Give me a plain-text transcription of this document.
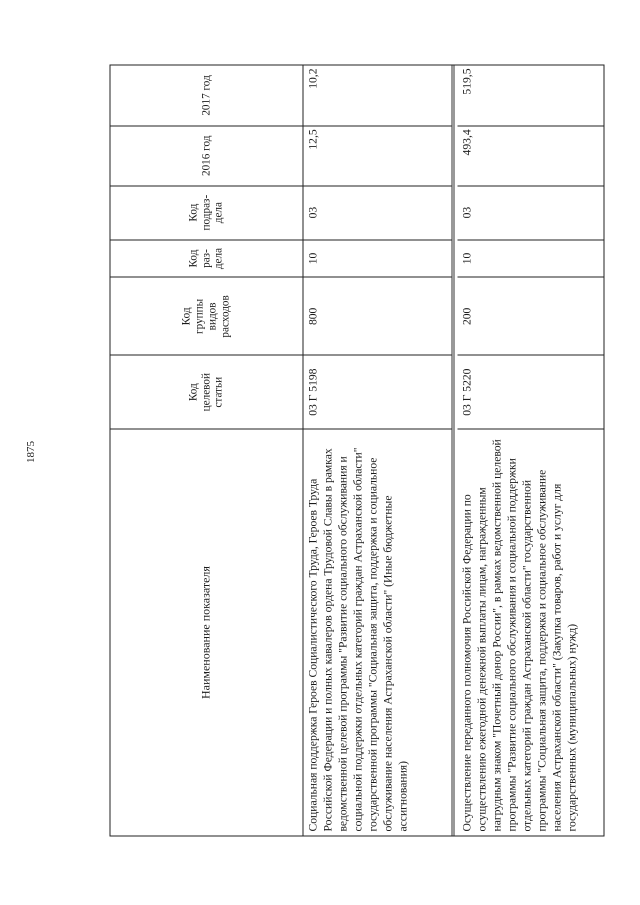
1875
Наименование показателя
Код целевой статьи
Код группы видов расходов
Код раз- дела
Код подраз- дела
2016 год
2017 год
Социальная поддержка Героев Социалистического Труда, Героев Труда Российской Федерации и полных кавалеров ордена Трудовой Славы в рамках ведомственной целевой программы "Развитие социального обслуживания и социальной поддержки отдельных категорий граждан Астраханской области" государственной программы "Социальная защита, поддержка и социальное обслуживание населения Астраханской области" (Иные бюджетные ассигнования)
03 Г 5198
800
10
03
12,5
10,2
Осуществление переданного полномочия Российской Федерации по осуществлению ежегодной денежной выплаты лицам, награжденным нагрудным знаком "Почетный донор России", в рамках ведомственной целевой программы "Развитие социального обслуживания и социальной поддержки отдельных категорий граждан Астраханской области" государственной программы "Социальная защита, поддержка и социальное обслуживание населения Астраханской области" (Закупка товаров, работ и услуг для государственных (муниципальных) нужд)
03 Г 5220
200
10
03
493,4
519,5
